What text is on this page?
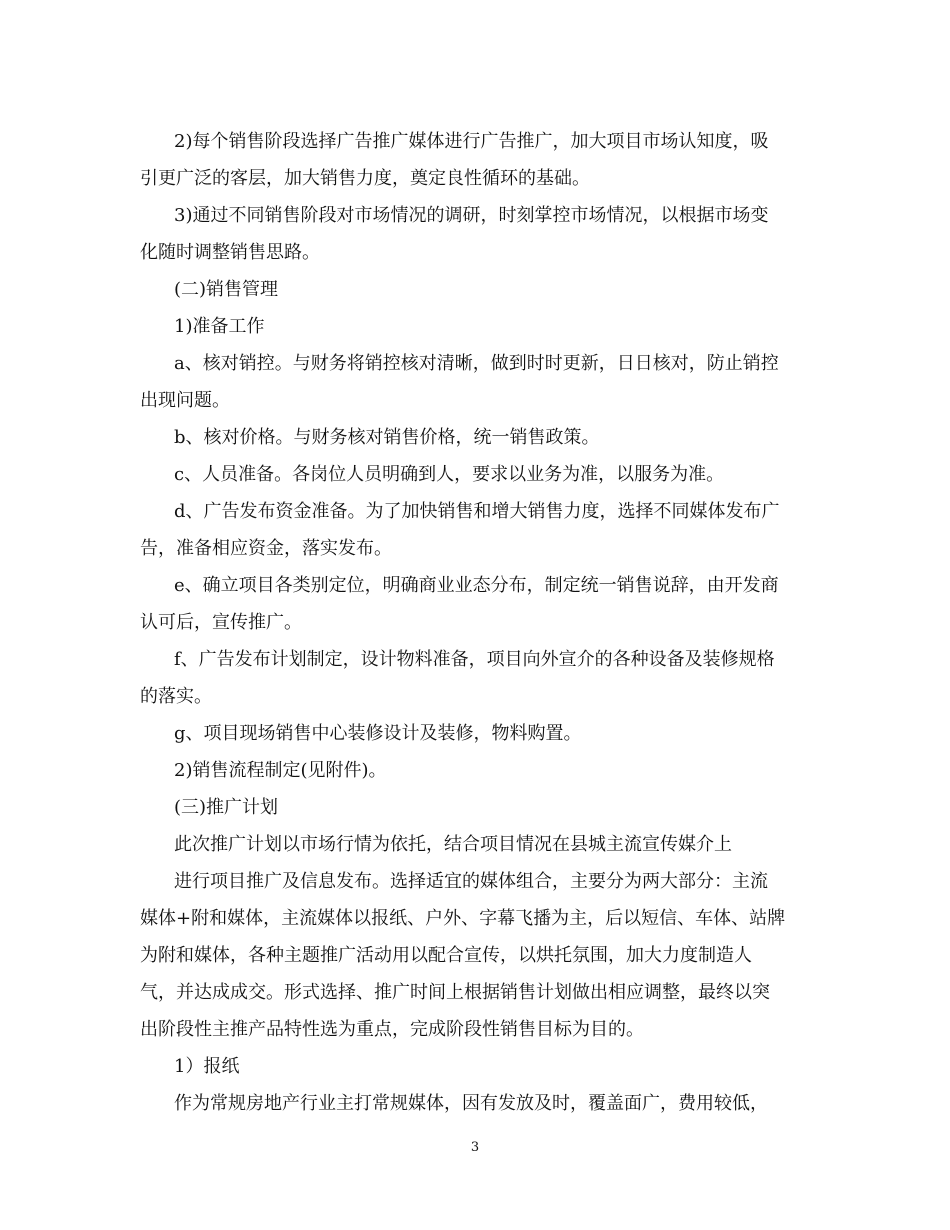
2)每个销售阶段选择广告推广媒体进行广告推广，加大项目市场认知度，吸
引更广泛的客层，加大销售力度，奠定良性循环的基础。
3)通过不同销售阶段对市场情况的调研，时刻掌控市场情况，以根据市场变
化随时调整销售思路。
(二)销售管理
1)准备工作
a、核对销控。与财务将销控核对清晰，做到时时更新，日日核对，防止销控
出现问题。
b、核对价格。与财务核对销售价格，统一销售政策。
c、人员准备。各岗位人员明确到人，要求以业务为准，以服务为准。
d、广告发布资金准备。为了加快销售和增大销售力度，选择不同媒体发布广
告，准备相应资金，落实发布。
e、确立项目各类别定位，明确商业业态分布，制定统一销售说辞，由开发商
认可后，宣传推广。
f、广告发布计划制定，设计物料准备，项目向外宣介的各种设备及装修规格
的落实。
g、项目现场销售中心装修设计及装修，物料购置。
2)销售流程制定(见附件)。
(三)推广计划
此次推广计划以市场行情为依托，结合项目情况在县城主流宣传媒介上
进行项目推广及信息发布。选择适宜的媒体组合，主要分为两大部分：主流
媒体+附和媒体，主流媒体以报纸、户外、字幕飞播为主，后以短信、车体、站牌
为附和媒体，各种主题推广活动用以配合宣传，以烘托氛围，加大力度制造人
气，并达成成交。形式选择、推广时间上根据销售计划做出相应调整，最终以突
出阶段性主推产品特性选为重点，完成阶段性销售目标为目的。
1）报纸
作为常规房地产行业主打常规媒体，因有发放及时，覆盖面广，费用较低，
3
